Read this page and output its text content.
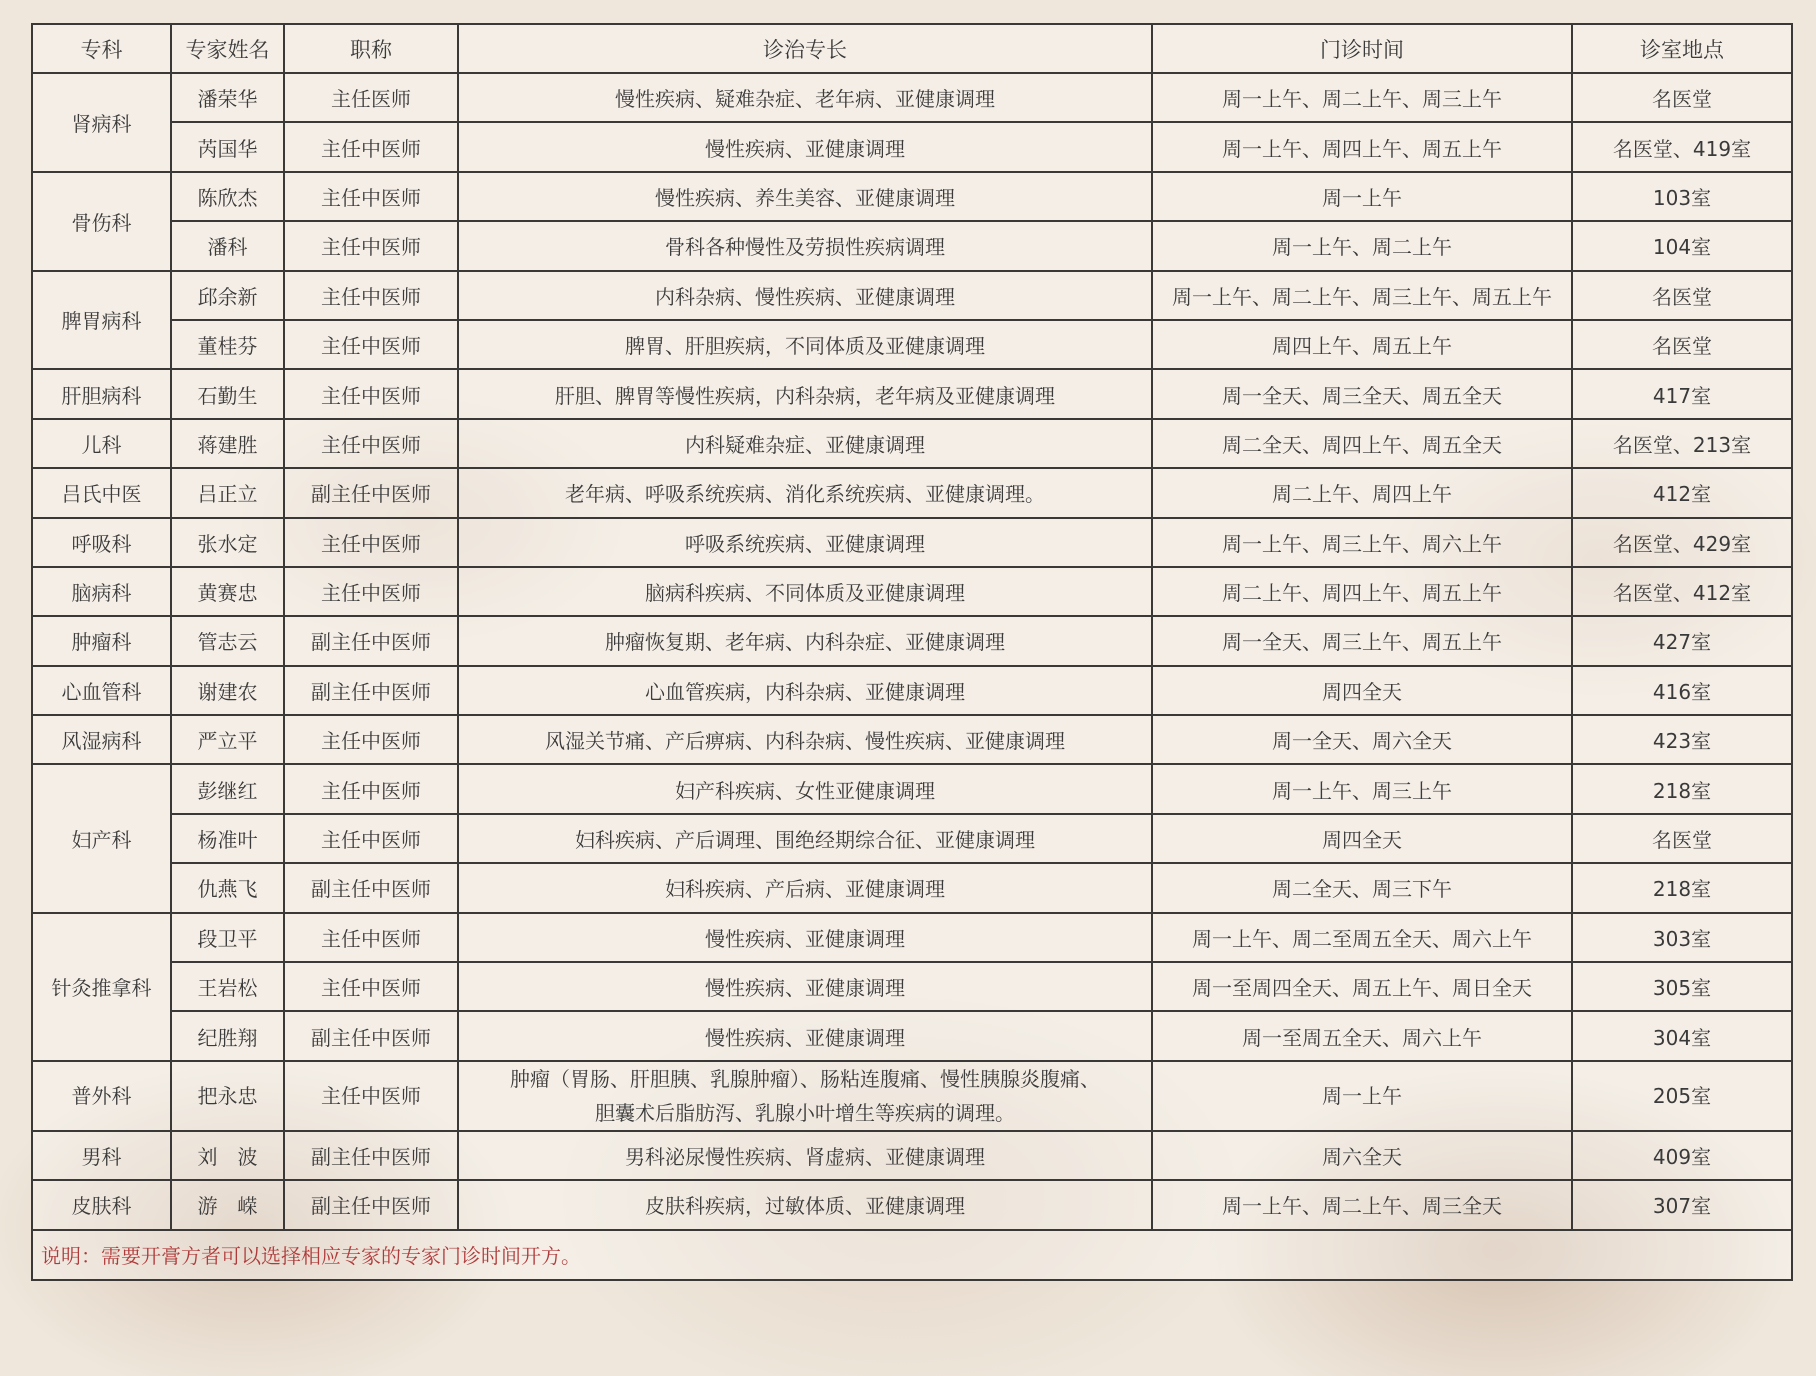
专科	专家姓名	职称	诊治专长	门诊时间	诊室地点
肾病科	潘荣华	主任医师	慢性疾病、疑难杂症、老年病、亚健康调理	周一上午、周二上午、周三上午	名医堂
	芮国华	主任中医师	慢性疾病、亚健康调理	周一上午、周四上午、周五上午	名医堂、419室
骨伤科	陈欣杰	主任中医师	慢性疾病、养生美容、亚健康调理	周一上午	103室
	潘科	主任中医师	骨科各种慢性及劳损性疾病调理	周一上午、周二上午	104室
脾胃病科	邱余新	主任中医师	内科杂病、慢性疾病、亚健康调理	周一上午、周二上午、周三上午、周五上午	名医堂
	董桂芬	主任中医师	脾胃、肝胆疾病，不同体质及亚健康调理	周四上午、周五上午	名医堂
肝胆病科	石勤生	主任中医师	肝胆、脾胃等慢性疾病，内科杂病，老年病及亚健康调理	周一全天、周三全天、周五全天	417室
儿科	蒋建胜	主任中医师	内科疑难杂症、亚健康调理	周二全天、周四上午、周五全天	名医堂、213室
吕氏中医	吕正立	副主任中医师	老年病、呼吸系统疾病、消化系统疾病、亚健康调理。	周二上午、周四上午	412室
呼吸科	张水定	主任中医师	呼吸系统疾病、亚健康调理	周一上午、周三上午、周六上午	名医堂、429室
脑病科	黄赛忠	主任中医师	脑病科疾病、不同体质及亚健康调理	周二上午、周四上午、周五上午	名医堂、412室
肿瘤科	管志云	副主任中医师	肿瘤恢复期、老年病、内科杂症、亚健康调理	周一全天、周三上午、周五上午	427室
心血管科	谢建农	副主任中医师	心血管疾病，内科杂病、亚健康调理	周四全天	416室
风湿病科	严立平	主任中医师	风湿关节痛、产后痹病、内科杂病、慢性疾病、亚健康调理	周一全天、周六全天	423室
妇产科	彭继红	主任中医师	妇产科疾病、女性亚健康调理	周一上午、周三上午	218室
	杨准叶	主任中医师	妇科疾病、产后调理、围绝经期综合征、亚健康调理	周四全天	名医堂
	仇燕飞	副主任中医师	妇科疾病、产后病、亚健康调理	周二全天、周三下午	218室
针灸推拿科	段卫平	主任中医师	慢性疾病、亚健康调理	周一上午、周二至周五全天、周六上午	303室
	王岩松	主任中医师	慢性疾病、亚健康调理	周一至周四全天、周五上午、周日全天	305室
	纪胜翔	副主任中医师	慢性疾病、亚健康调理	周一至周五全天、周六上午	304室
普外科	把永忠	主任中医师	肿瘤（胃肠、肝胆胰、乳腺肿瘤）、肠粘连腹痛、慢性胰腺炎腹痛、
胆囊术后脂肪泻、乳腺小叶增生等疾病的调理。	周一上午	205室
男科	刘　波	副主任中医师	男科泌尿慢性疾病、肾虚病、亚健康调理	周六全天	409室
皮肤科	游　嵘	副主任中医师	皮肤科疾病，过敏体质、亚健康调理	周一上午、周二上午、周三全天	307室
说明：需要开膏方者可以选择相应专家的专家门诊时间开方。					
